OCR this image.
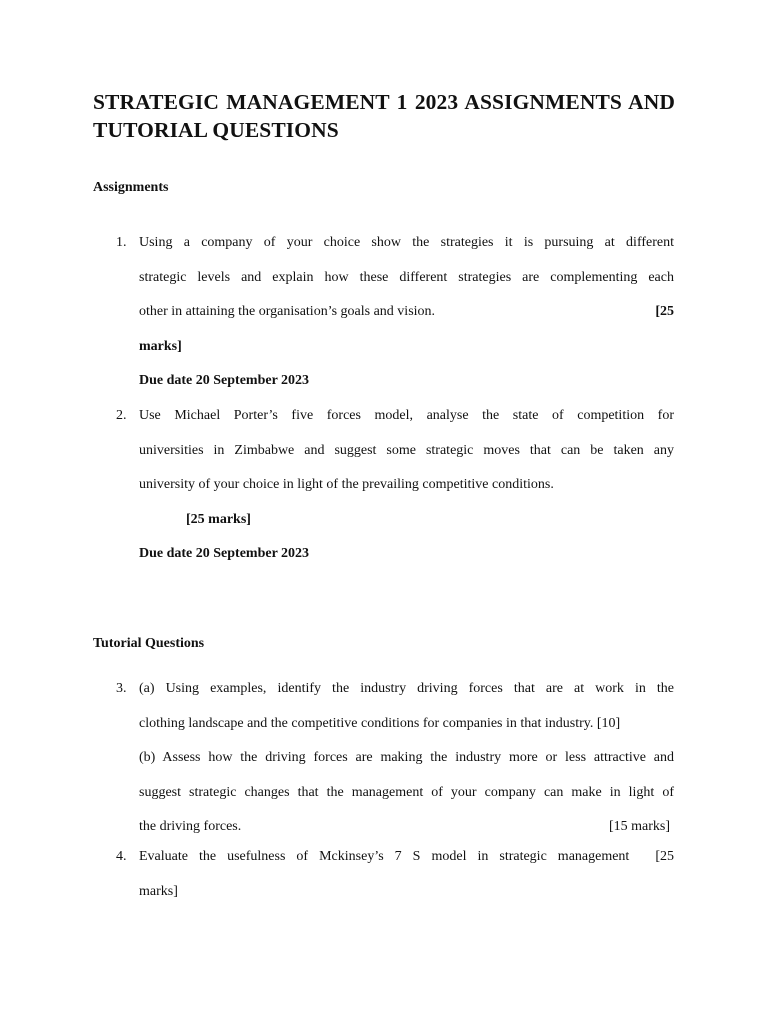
STRATEGIC MANAGEMENT 1 2023 ASSIGNMENTS AND TUTORIAL QUESTIONS
Assignments
1. Using a company of your choice show the strategies it is pursuing at different
strategic levels and explain how these different strategies are complementing each
other in attaining the organisation’s goals and vision.	[25
marks]
Due date 20 September 2023
2. Use Michael Porter’s five forces model, analyse the state of competition for
universities in Zimbabwe and suggest some strategic moves that can be taken any
university of your choice in light of the prevailing competitive conditions.
[25 marks]
Due date 20 September 2023
Tutorial Questions
3. (a) Using examples, identify the industry driving forces that are at work in the
clothing landscape and the competitive conditions for companies in that industry. [10]
(b) Assess how the driving forces are making the industry more or less attractive and
suggest strategic changes that the management of your company can make in light of
the driving forces.	[15 marks]
4. Evaluate the usefulness of Mckinsey’s 7 S model in strategic management	[25
marks]
